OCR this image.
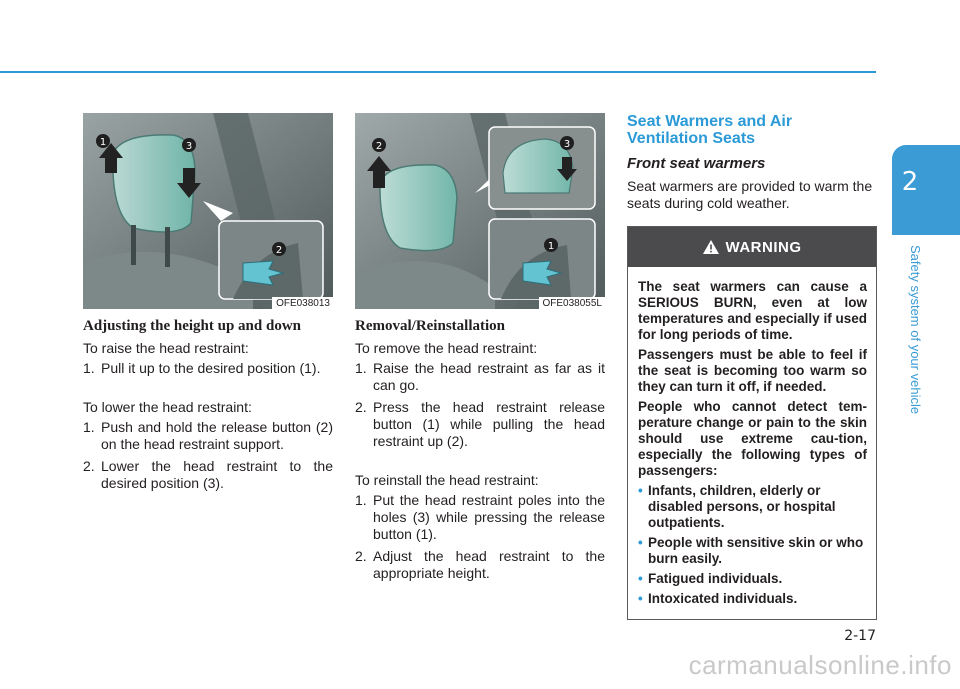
2
Safety system of your vehicle
1	3
2
OFE038013
Adjusting the height up and down

To raise the head restraint:

1. Pull it up to the desired position (1).

To lower the head restraint:

1. Push and hold the release button (2) on the head restraint support.
2. Lower the head restraint to the desired position (3).
2	3
1
OFE038055L
Removal/Reinstallation

To remove the head restraint:

1. Raise the head restraint as far as it can go.
2. Press the head restraint release button (1) while pulling the head restraint up (2).

To reinstall the head restraint:

1. Put the head restraint poles into the holes (3) while pressing the release button (1).
2. Adjust the head restraint to the appropriate height.
Seat Warmers and Air Ventilation Seats
Front seat warmers

Seat warmers are provided to warm the seats during cold weather.

WARNING

The seat warmers can cause a SERIOUS BURN, even at low temperatures and especially if used for long periods of time.

Passengers must be able to feel if the seat is becoming too warm so they can turn it off, if needed.

People who cannot detect tem-perature change or pain to the skin should use extreme cau-tion, especially the following types of passengers:

• Infants, children, elderly or disabled persons, or hospital outpatients.
• People with sensitive skin or who burn easily.
• Fatigued individuals.
• Intoxicated individuals.
2-17
carmanualsonline.info
